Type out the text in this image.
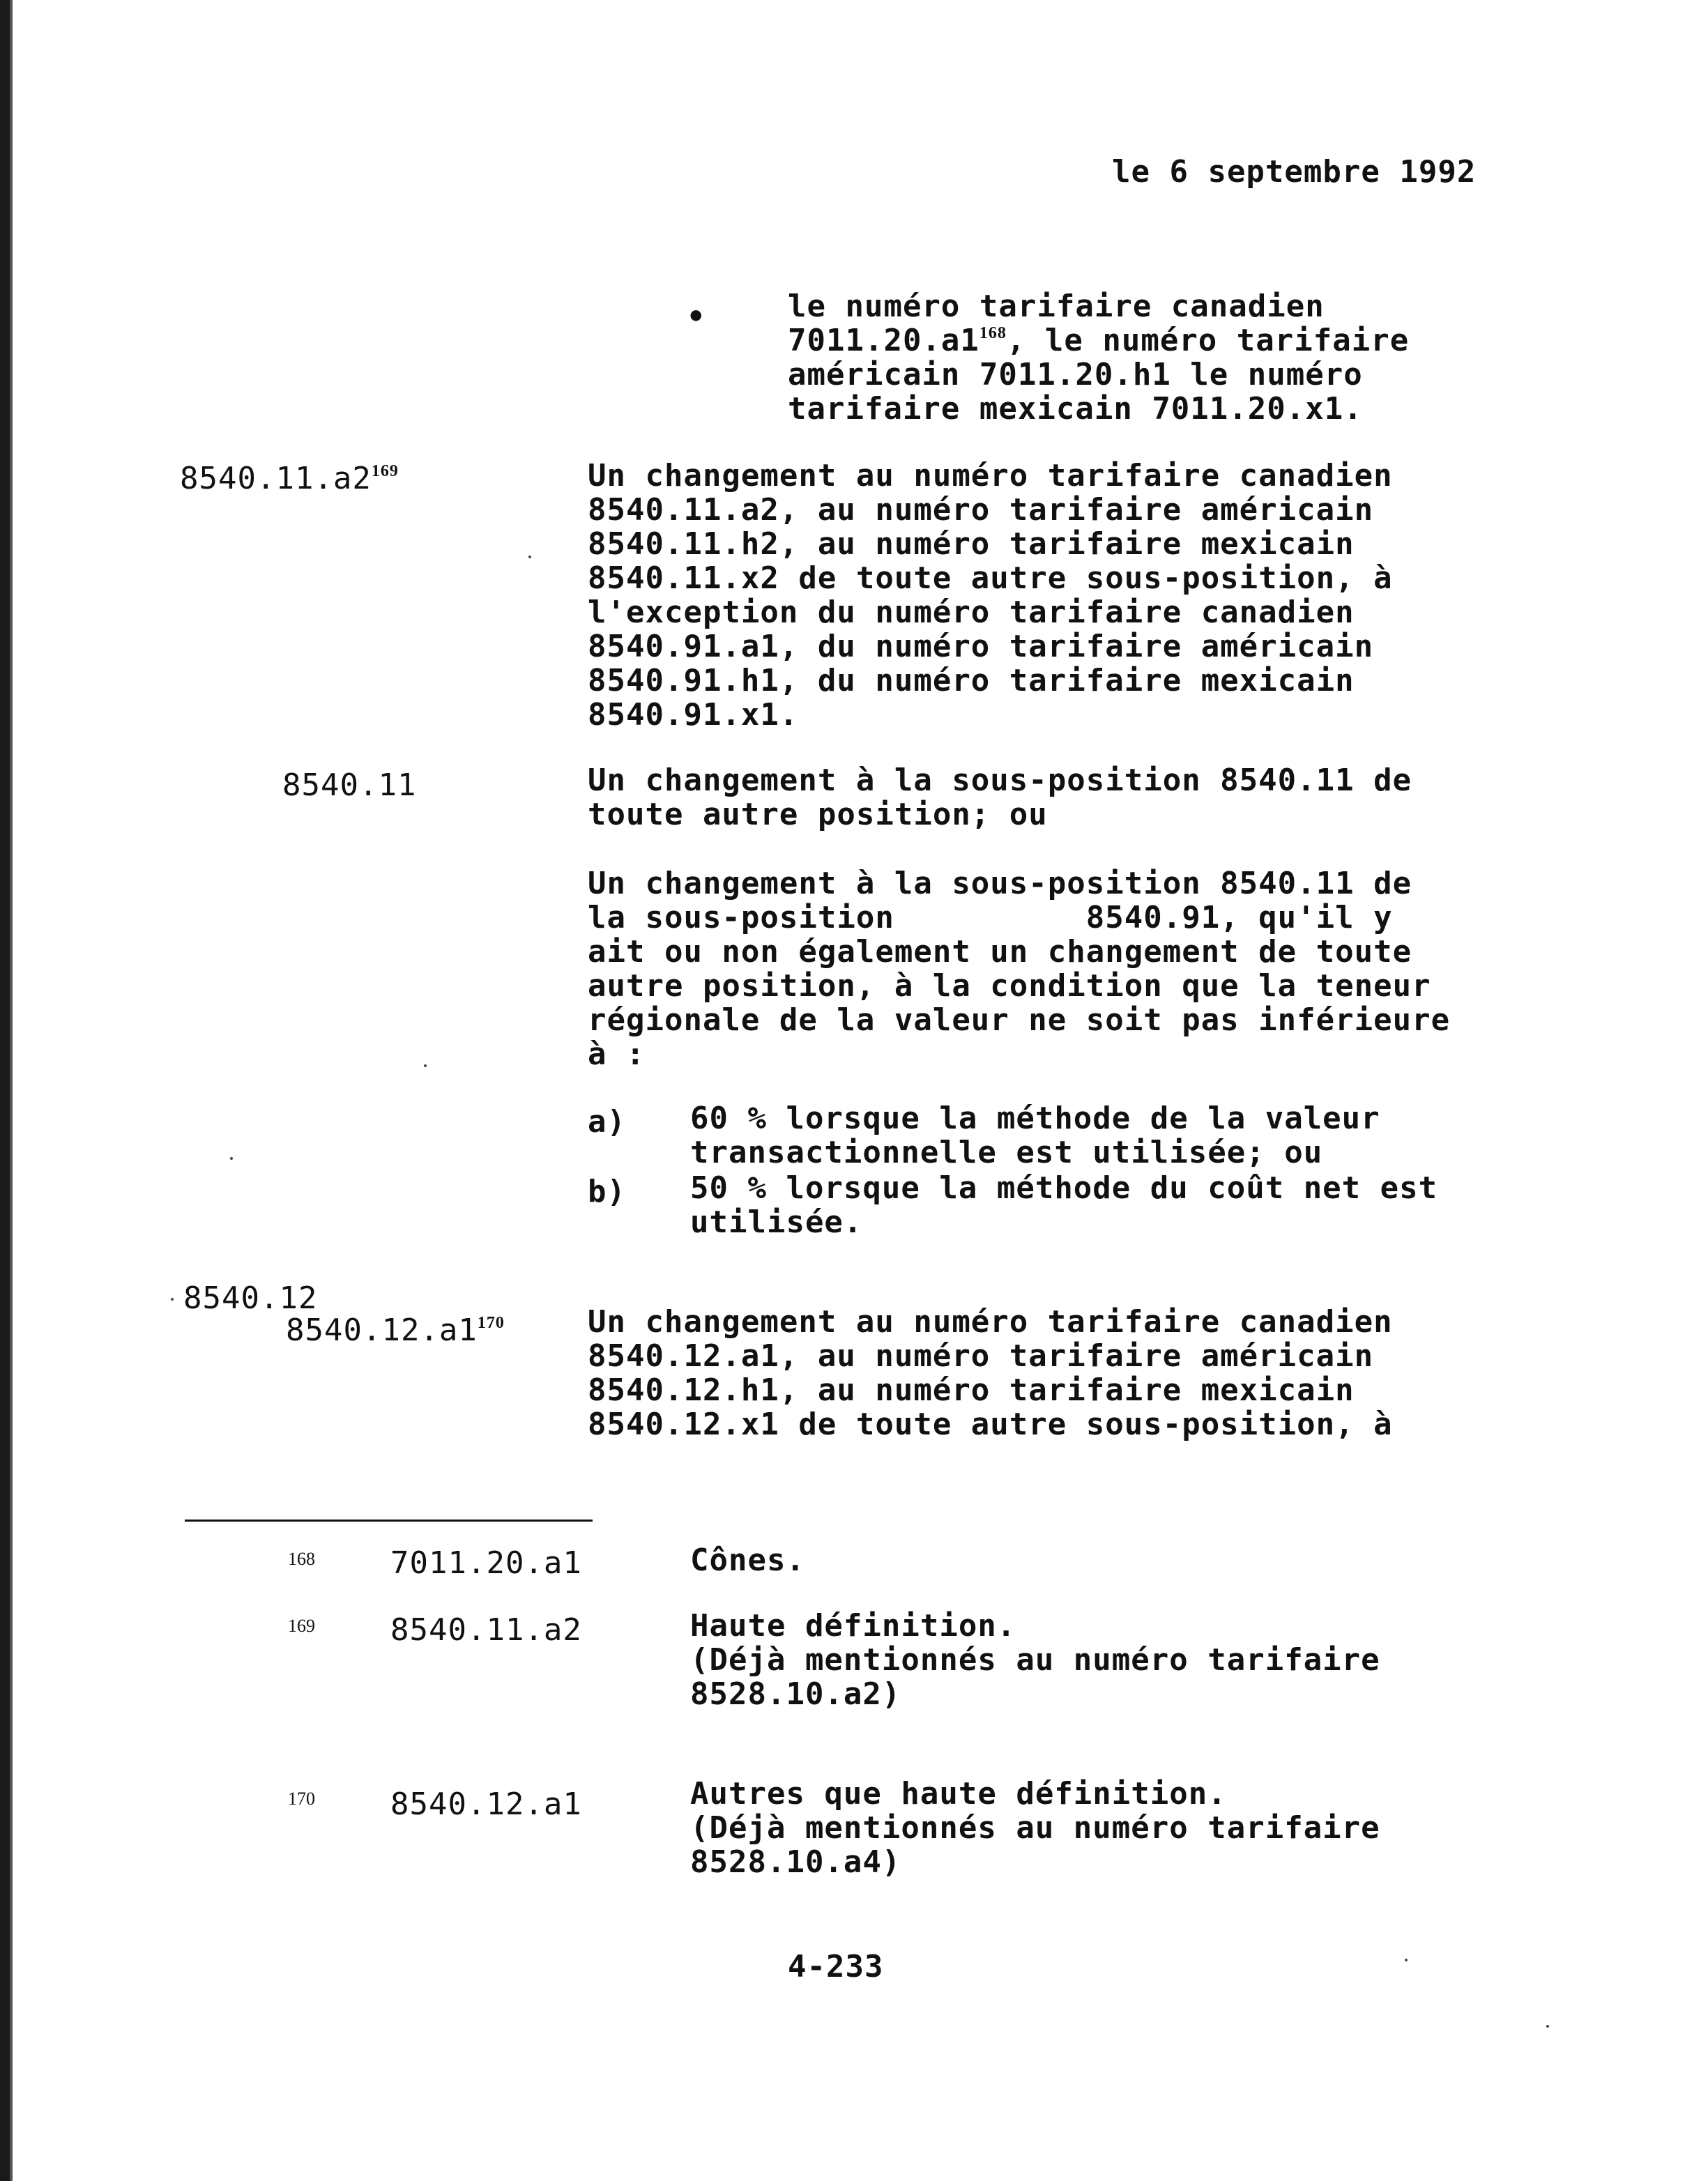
le 6 septembre 1992
•	le numéro tarifaire canadien
$7011.20.a1^{168}$, le numéro tarifaire
américain 7011.20.h1 le numéro
tarifaire mexicain 7011.20.x1.
$8540.11.a2^{169}$	Un changement au numéro tarifaire canadien
8540.11.a2, au numéro tarifaire américain
8540.11.h2, au numéro tarifaire mexicain
8540.11.x2 de toute autre sous-position, à
l'exception du numéro tarifaire canadien
8540.91.a1, du numéro tarifaire américain
8540.91.h1, du numéro tarifaire mexicain
8540.91.x1.
8540.11	Un changement à la sous-position 8540.11 de
toute autre position; ou
Un changement à la sous-position 8540.11 de
la sous-position          8540.91, qu'il y
ait ou non également un changement de toute
autre position, à la condition que la teneur
régionale de la valeur ne soit pas inférieure
à :
a) 60 % lorsque la méthode de la valeur
transactionnelle est utilisée; ou
b) 50 % lorsque la méthode du coût net est
utilisée.
8540.12
$8540.12.a1^{170}$	Un changement au numéro tarifaire canadien
8540.12.a1, au numéro tarifaire américain
8540.12.h1, au numéro tarifaire mexicain
8540.12.x1 de toute autre sous-position, à
168 7011.20.a1	Cônes.
169 8540.11.a2	Haute définition.
(Déjà mentionnés au numéro tarifaire
8528.10.a2)
170 8540.12.a1	Autres que haute définition.
(Déjà mentionnés au numéro tarifaire
8528.10.a4)
4-233
